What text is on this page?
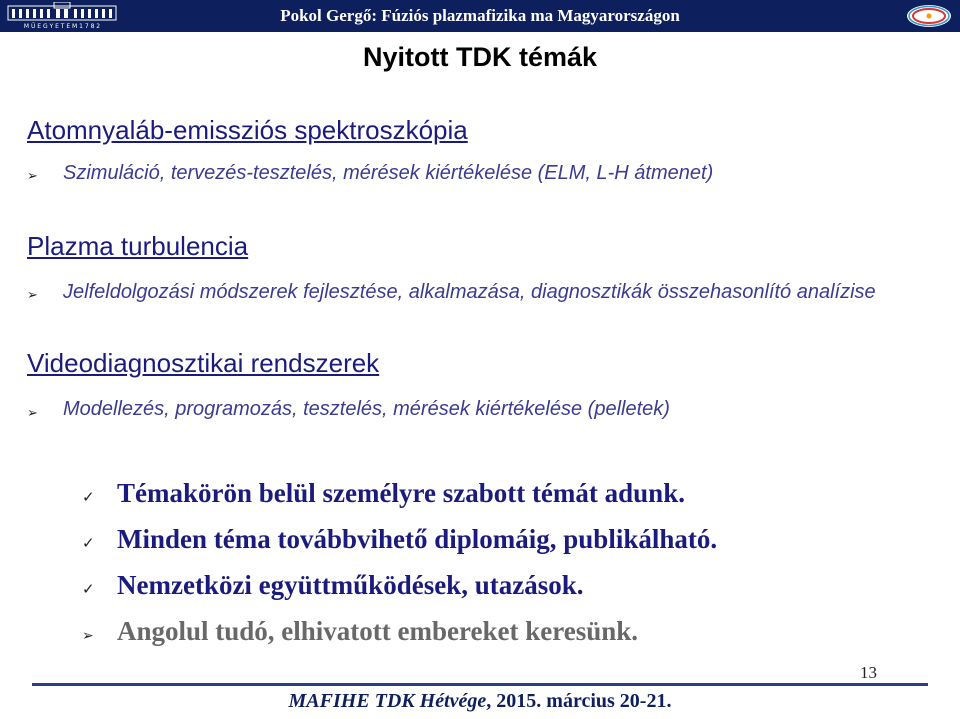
M Ű E G Y E T E M 1 7 8 2
Pokol Gergő: Fúziós plazmafizika ma Magyarországon
Nyitott TDK témák
Atomnyaláb-emissziós spektroszkópia
➢ Szimuláció, tervezés-tesztelés, mérések kiértékelése (ELM, L-H átmenet)
Plazma turbulencia
➢ Jelfeldolgozási módszerek fejlesztése, alkalmazása, diagnosztikák összehasonlító analízise
Videodiagnosztikai rendszerek
➢ Modellezés, programozás, tesztelés, mérések kiértékelése (pelletek)
✓ Témakörön belül személyre szabott témát adunk.
✓ Minden téma továbbvihető diplomáig, publikálható.
✓ Nemzetközi együttműködések, utazások.
➢ Angolul tudó, elhivatott embereket keresünk.
13
MAFIHE TDK Hétvége, 2015. március 20-21.
